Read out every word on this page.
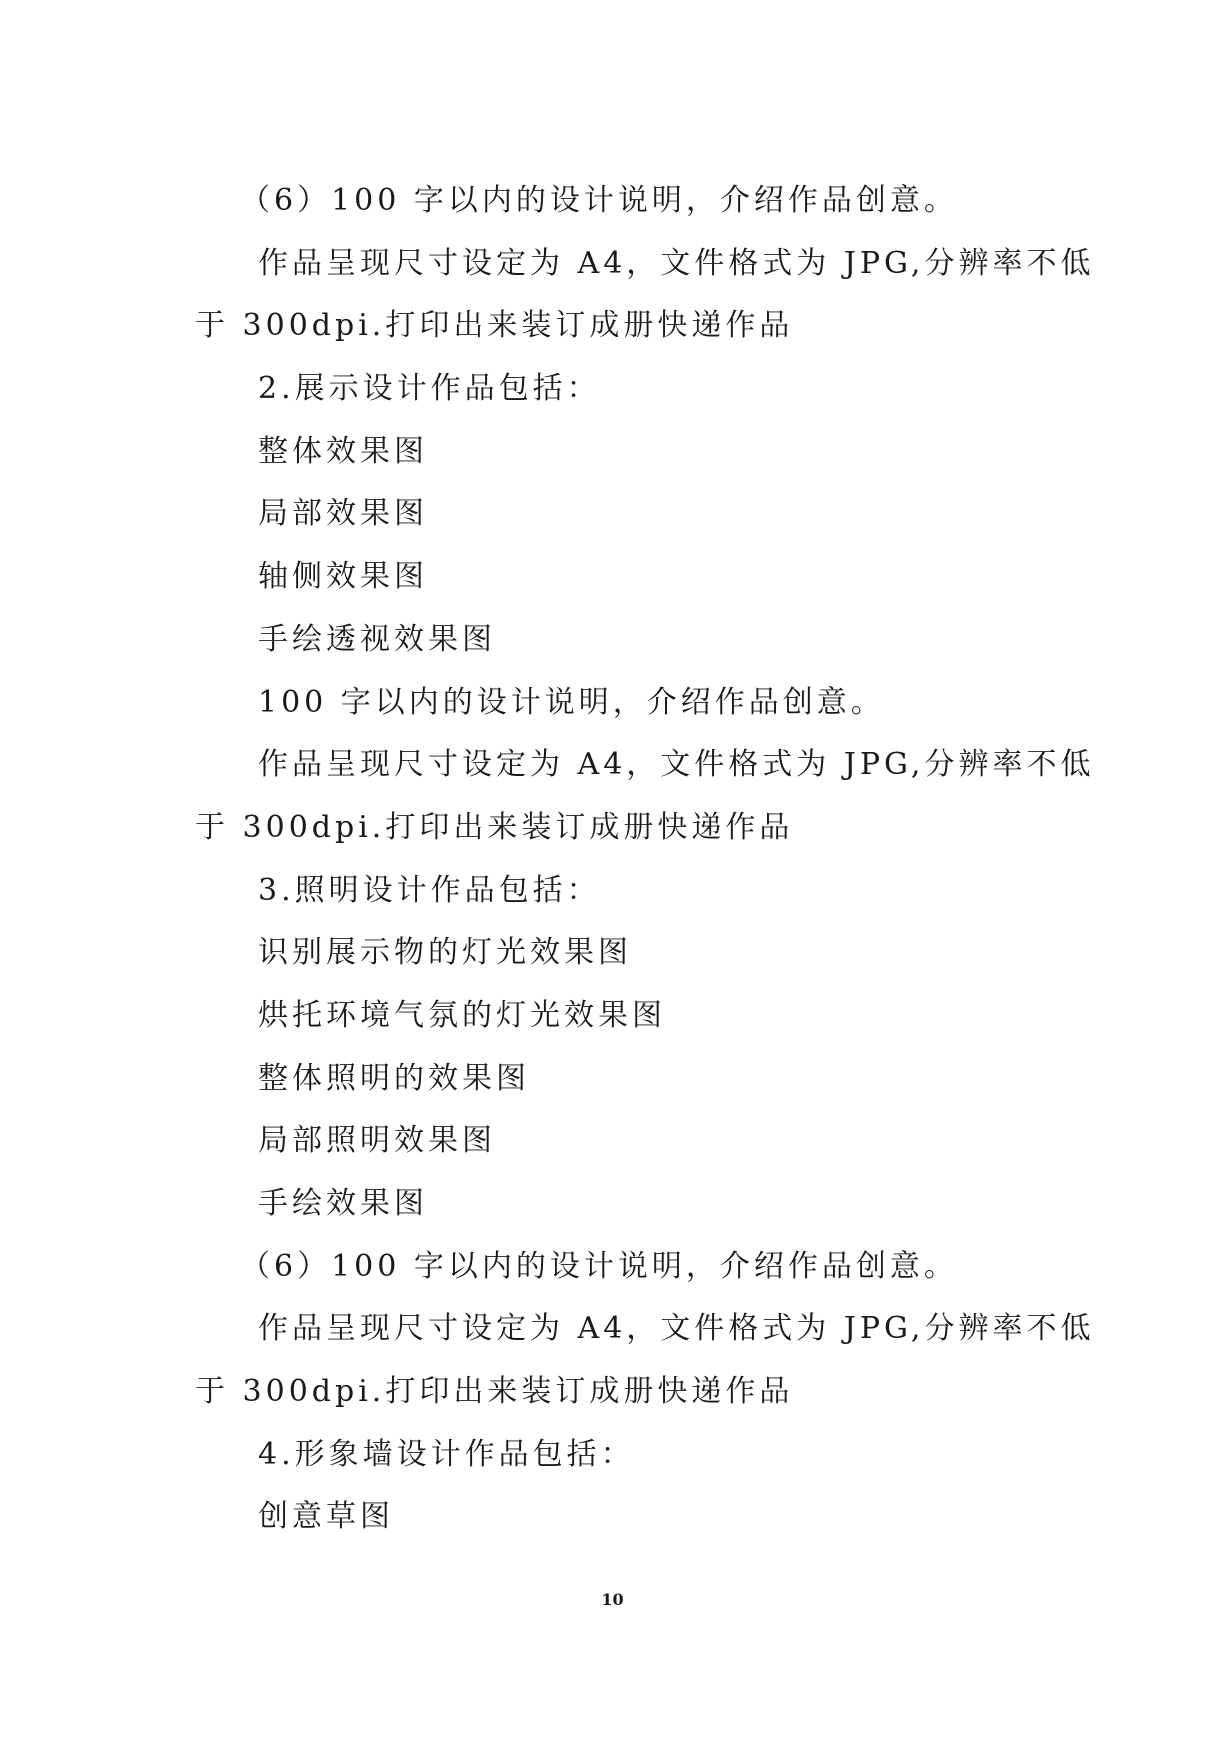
（6）100 字以内的设计说明，介绍作品创意。
作品呈现尺寸设定为 A4，文件格式为 JPG,分辨率不低
于 300dpi.打印出来装订成册快递作品
2.展示设计作品包括：
整体效果图
局部效果图
轴侧效果图
手绘透视效果图
100 字以内的设计说明，介绍作品创意。
作品呈现尺寸设定为 A4，文件格式为 JPG,分辨率不低
于 300dpi.打印出来装订成册快递作品
3.照明设计作品包括：
识别展示物的灯光效果图
烘托环境气氛的灯光效果图
整体照明的效果图
局部照明效果图
手绘效果图
（6）100 字以内的设计说明，介绍作品创意。
作品呈现尺寸设定为 A4，文件格式为 JPG,分辨率不低
于 300dpi.打印出来装订成册快递作品
4.形象墙设计作品包括：
创意草图
10
